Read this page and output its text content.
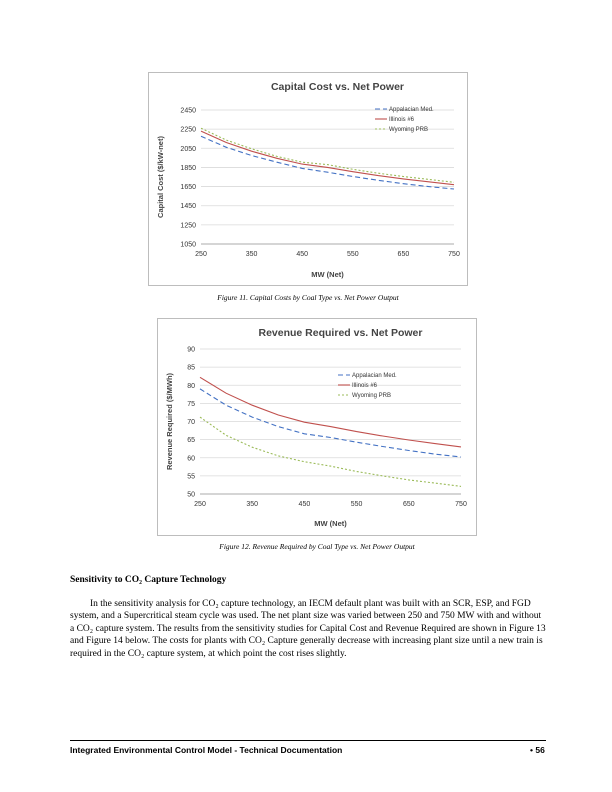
Capital Cost vs. Net Power
1050
1250
1450
1650
1850
2050
2250
2450
250	350	450	550	650	750
MW (Net)
Capital Cost ($/kW-net)
Appalacian Med.
Illinois #6
Wyoming PRB
Figure 11. Capital Costs by Coal Type vs. Net Power Output
Revenue Required vs. Net Power
50
55
60
65
70
75
80
85
90
250	350	450	550	650	750
MW (Net)
Revenue Required ($/MWh)	Appalacian Med.
Illinois #6
Wyoming PRB
Figure 12. Revenue Required by Coal Type vs. Net Power Output
Sensitivity to CO₂ Capture Technology

In the sensitivity analysis for CO₂ capture technology, an IECM default plant was built with an SCR, ESP, and FGD system, and a Supercritical steam cycle was used. The net plant size was varied between 250 and 750 MW with and without a CO₂ capture system. The results from the sensitivity studies for Capital Cost and Revenue Required are shown in Figure 13 and Figure 14 below. The costs for plants with CO₂ Capture generally decrease with increasing plant size until a new train is required in the CO₂ capture system, at which point the cost rises slightly.

Integrated Environmental Control Model - Technical Documentation	• 56
